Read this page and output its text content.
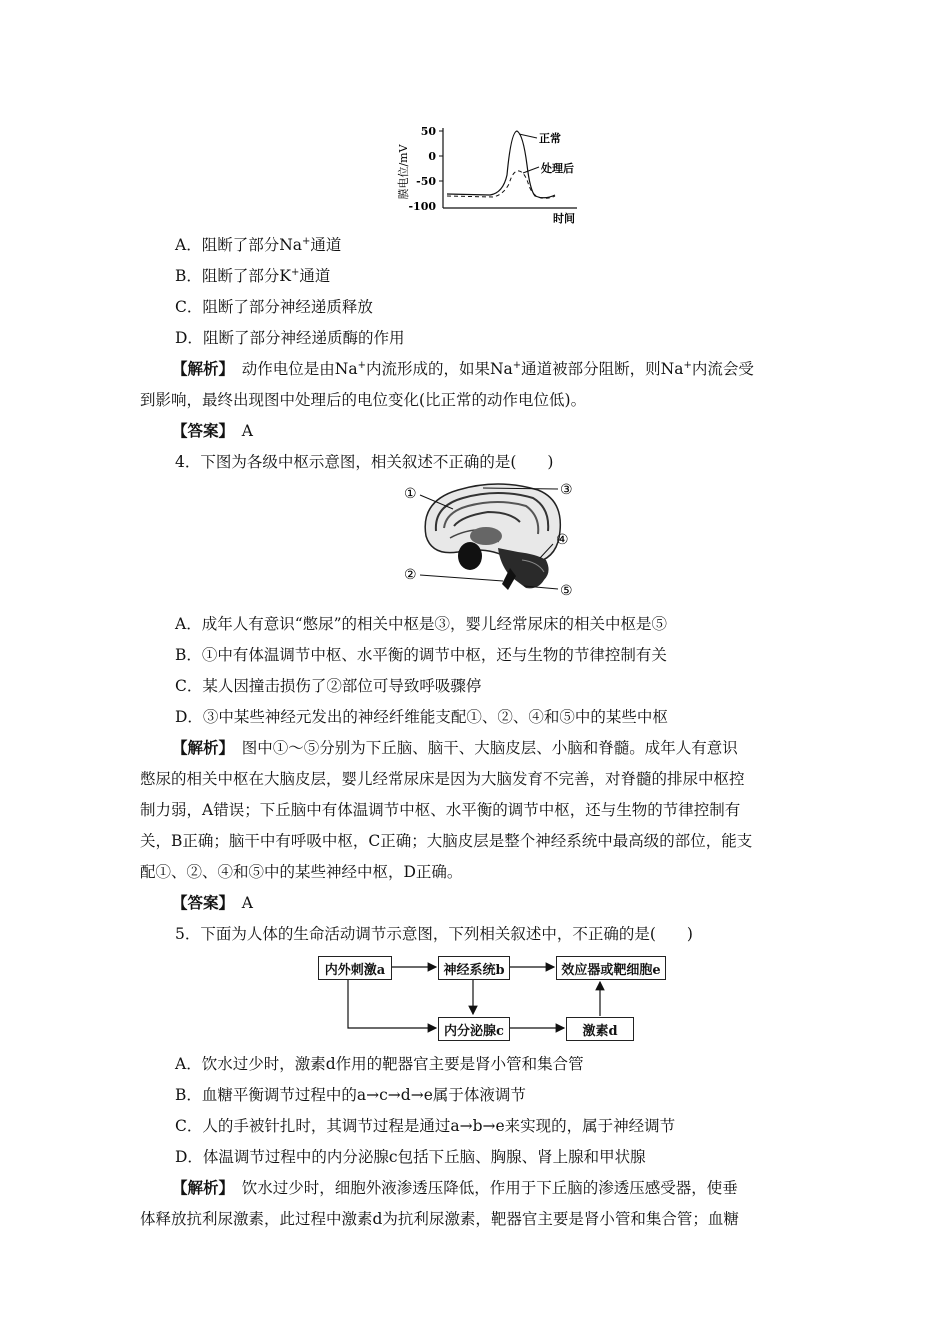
膜电位/mV
50
0
-50
-100
正常
处理后
时间
A．阻断了部分Na+通道
B．阻断了部分K+通道
C．阻断了部分神经递质释放
D．阻断了部分神经递质酶的作用
【解析】　动作电位是由Na+内流形成的，如果Na+通道被部分阻断，则Na+内流会受
到影响，最终出现图中处理后的电位变化(比正常的动作电位低)。
【答案】　A
4．下图为各级中枢示意图，相关叙述不正确的是(　　)
①	③
④
②
⑤
A．成年人有意识“憋尿”的相关中枢是③，婴儿经常尿床的相关中枢是⑤
B．①中有体温调节中枢、水平衡的调节中枢，还与生物的节律控制有关
C．某人因撞击损伤了②部位可导致呼吸骤停
D．③中某些神经元发出的神经纤维能支配①、②、④和⑤中的某些中枢
【解析】　图中①～⑤分别为下丘脑、脑干、大脑皮层、小脑和脊髓。成年人有意识
憋尿的相关中枢在大脑皮层，婴儿经常尿床是因为大脑发育不完善，对脊髓的排尿中枢控
制力弱，A错误；下丘脑中有体温调节中枢、水平衡的调节中枢，还与生物的节律控制有
关，B正确；脑干中有呼吸中枢，C正确；大脑皮层是整个神经系统中最高级的部位，能支
配①、②、④和⑤中的某些神经中枢，D正确。
【答案】　A
5．下面为人体的生命活动调节示意图，下列相关叙述中，不正确的是(　　)
内外刺激a	神经系统b	效应器或靶细胞e
内分泌腺c	激素d
A．饮水过少时，激素d作用的靶器官主要是肾小管和集合管
B．血糖平衡调节过程中的a→c→d→e属于体液调节
C．人的手被针扎时，其调节过程是通过a→b→e来实现的，属于神经调节
D．体温调节过程中的内分泌腺c包括下丘脑、胸腺、肾上腺和甲状腺
【解析】　饮水过少时，细胞外液渗透压降低，作用于下丘脑的渗透压感受器，使垂
体释放抗利尿激素，此过程中激素d为抗利尿激素，靶器官主要是肾小管和集合管；血糖
